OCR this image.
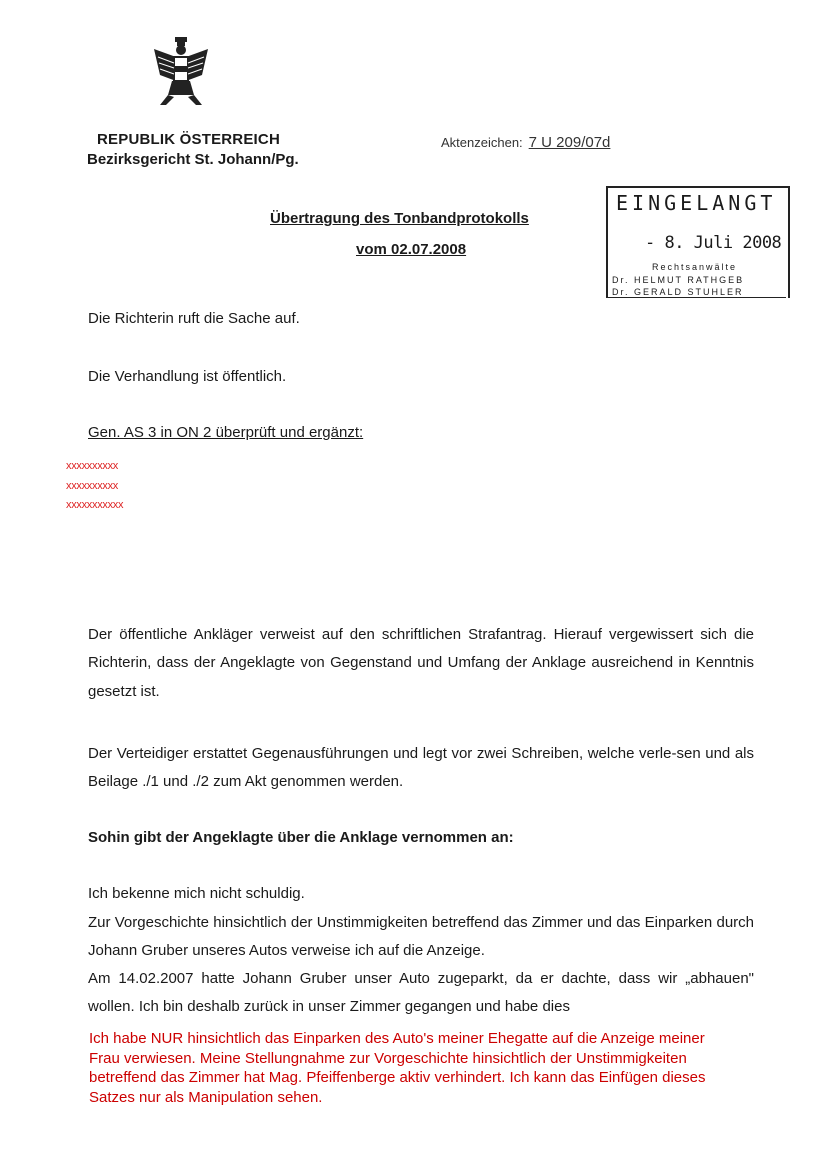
REPUBLIK ÖSTERREICH
Bezirksgericht St. Johann/Pg.
Aktenzeichen: 7 U 209/07d
Übertragung des Tonbandprotokolls
vom 02.07.2008
EINGELANGT
- 8. Juli 2008
Rechtsanwälte
Dr. HELMUT RATHGEB
Dr. GERALD STUHLER
Die Richterin ruft die Sache auf.
Die Verhandlung ist öffentlich.
Gen. AS 3 in ON 2 überprüft und ergänzt:
xxxxxxxxxx
xxxxxxxxxx
xxxxxxxxxxx

Der öffentliche Ankläger verweist auf den schriftlichen Strafantrag. Hierauf vergewissert sich die Richterin, dass der Angeklagte von Gegenstand und Umfang der Anklage ausreichend in Kenntnis gesetzt ist.

Der Verteidiger erstattet Gegenausführungen und legt vor zwei Schreiben, welche verle-sen und als Beilage ./1 und ./2 zum Akt genommen werden.

Sohin gibt der Angeklagte über die Anklage vernommen an:
Ich bekenne mich nicht schuldig.

Zur Vorgeschichte hinsichtlich der Unstimmigkeiten betreffend das Zimmer und das Einparken durch Johann Gruber unseres Autos verweise ich auf die Anzeige.

Am 14.02.2007 hatte Johann Gruber unser Auto zugeparkt, da er dachte, dass wir „abhauen" wollen. Ich bin deshalb zurück in unser Zimmer gegangen und habe dies

Ich habe NUR hinsichtlich das Einparken des Auto's meiner Ehegatte auf die Anzeige meiner
Frau verwiesen. Meine Stellungnahme zur Vorgeschichte hinsichtlich der Unstimmigkeiten
betreffend das Zimmer hat Mag. Pfeiffenberge aktiv verhindert. Ich kann das Einfügen dieses
Satzes nur als Manipulation sehen.
